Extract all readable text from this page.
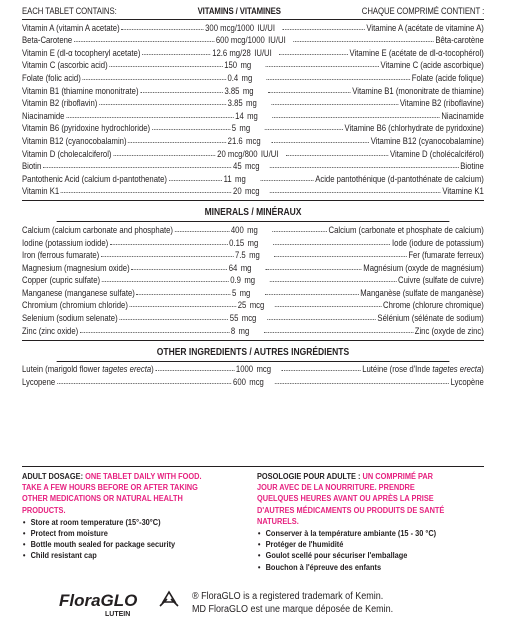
EACH TABLET CONTAINS:	VITAMINS / VITAMINES	CHAQUE COMPRIMÉ CONTIENT :
Vitamin A (vitamin A acetate)	300 mcg/1000 IU/UI	Vitamine A (acétate de vitamine A)
Beta-Carotene	600 mcg/1000 IU/UI	Bêta-carotène
Vitamin E (dl-α tocopheryl acetate)	12.6 mg/28 IU/UI	Vitamine E (acétate de dl-α-tocophérol)
Vitamin C (ascorbic acid)	150 mg	Vitamine C (acide ascorbique)
Folate (folic acid)	0.4 mg	Folate (acide folique)
Vitamin B1 (thiamine mononitrate)	3.85 mg	Vitamine B1 (mononitrate de thiamine)
Vitamin B2 (riboflavin)	3.85 mg	Vitamine B2 (riboflavine)
Niacinamide	14 mg	Niacinamide
Vitamin B6 (pyridoxine hydrochloride)	5 mg	Vitamine B6 (chlorhydrate de pyridoxine)
Vitamin B12 (cyanocobalamin)	21.6 mcg	Vitamine B12 (cyanocobalamine)
Vitamin D (cholecalciferol)	20 mcg/800 IU/UI	Vitamine D (cholécalciférol)
Biotin	45 mcg	Biotine
Pantothenic Acid (calcium d-pantothenate)	11 mg	Acide pantothénique (d-pantothénate de calcium)
Vitamin K1	20 mcg	Vitamine K1
MINERALS / MINÉRAUX
Calcium (calcium carbonate and phosphate)	400 mg	Calcium (carbonate et phosphate de calcium)
Iodine (potassium iodide)	0.15 mg	Iode (iodure de potassium)
Iron (ferrous fumarate)	7.5 mg	Fer (fumarate ferreux)
Magnesium (magnesium oxide)	64 mg	Magnésium (oxyde de magnésium)
Copper (cupric sulfate)	0.9 mg	Cuivre (sulfate de cuivre)
Manganese (manganese sulfate)	5 mg	Manganèse (sulfate de manganèse)
Chromium (chromium chloride)	25 mcg	Chrome (chlorure chromique)
Selenium (sodium selenate)	55 mcg	Sélénium (sélénate de sodium)
Zinc (zinc oxide)	8 mg	Zinc (oxyde de zinc)
OTHER INGREDIENTS / AUTRES INGRÉDIENTS
Lutein (marigold flower tagetes erecta)	1000 mcg	Lutéine (rose d'Inde tagetes erecta)
Lycopene	600 mcg	Lycopène
ADULT DOSAGE: ONE TABLET DAILY WITH FOOD. TAKE A FEW HOURS BEFORE OR AFTER TAKING OTHER MEDICATIONS OR NATURAL HEALTH PRODUCTS.
• Store at room temperature (15°-30°C)
• Protect from moisture
• Bottle mouth sealed for package security
• Child resistant cap
POSOLOGIE POUR ADULTE : UN COMPRIMÉ PAR JOUR AVEC DE LA NOURRITURE. PRENDRE QUELQUES HEURES AVANT OU APRÈS LA PRISE D'AUTRES MÉDICAMENTS OU PRODUITS DE SANTÉ NATURELS.
• Conserver à la température ambiante (15 - 30 °C)
• Protéger de l'humidité
• Goulot scellé pour sécuriser l'emballage
• Bouchon à l'épreuve des enfants
FloraGLO
LUTEIN
® FloraGLO is a registered trademark of Kemin.
MD FloraGLO est une marque déposée de Kemin.
